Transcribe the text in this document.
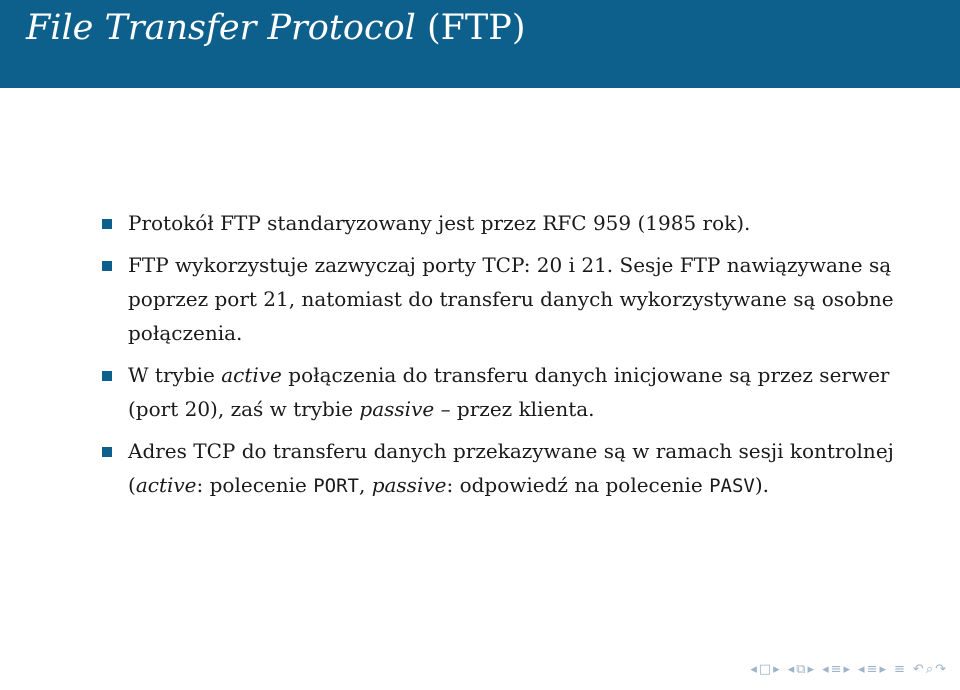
File Transfer Protocol (FTP)
Protokół FTP standaryzowany jest przez RFC 959 (1985 rok).
FTP wykorzystuje zazwyczaj porty TCP: 20 i 21. Sesje FTP nawiązywane są poprzez port 21, natomiast do transferu danych wykorzystywane są osobne połączenia.
W trybie active połączenia do transferu danych inicjowane są przez serwer (port 20), zaś w trybie passive – przez klienta.
Adres TCP do transferu danych przekazywane są w ramach sesji kontrolnej (active: polecenie PORT, passive: odpowiedź na polecenie PASV).
◂ □ ▸ ◂ ⧉ ▸ ◂ ≡ ▸ ◂ ≡ ▸ ≡ ↶ ⌕ ↷
